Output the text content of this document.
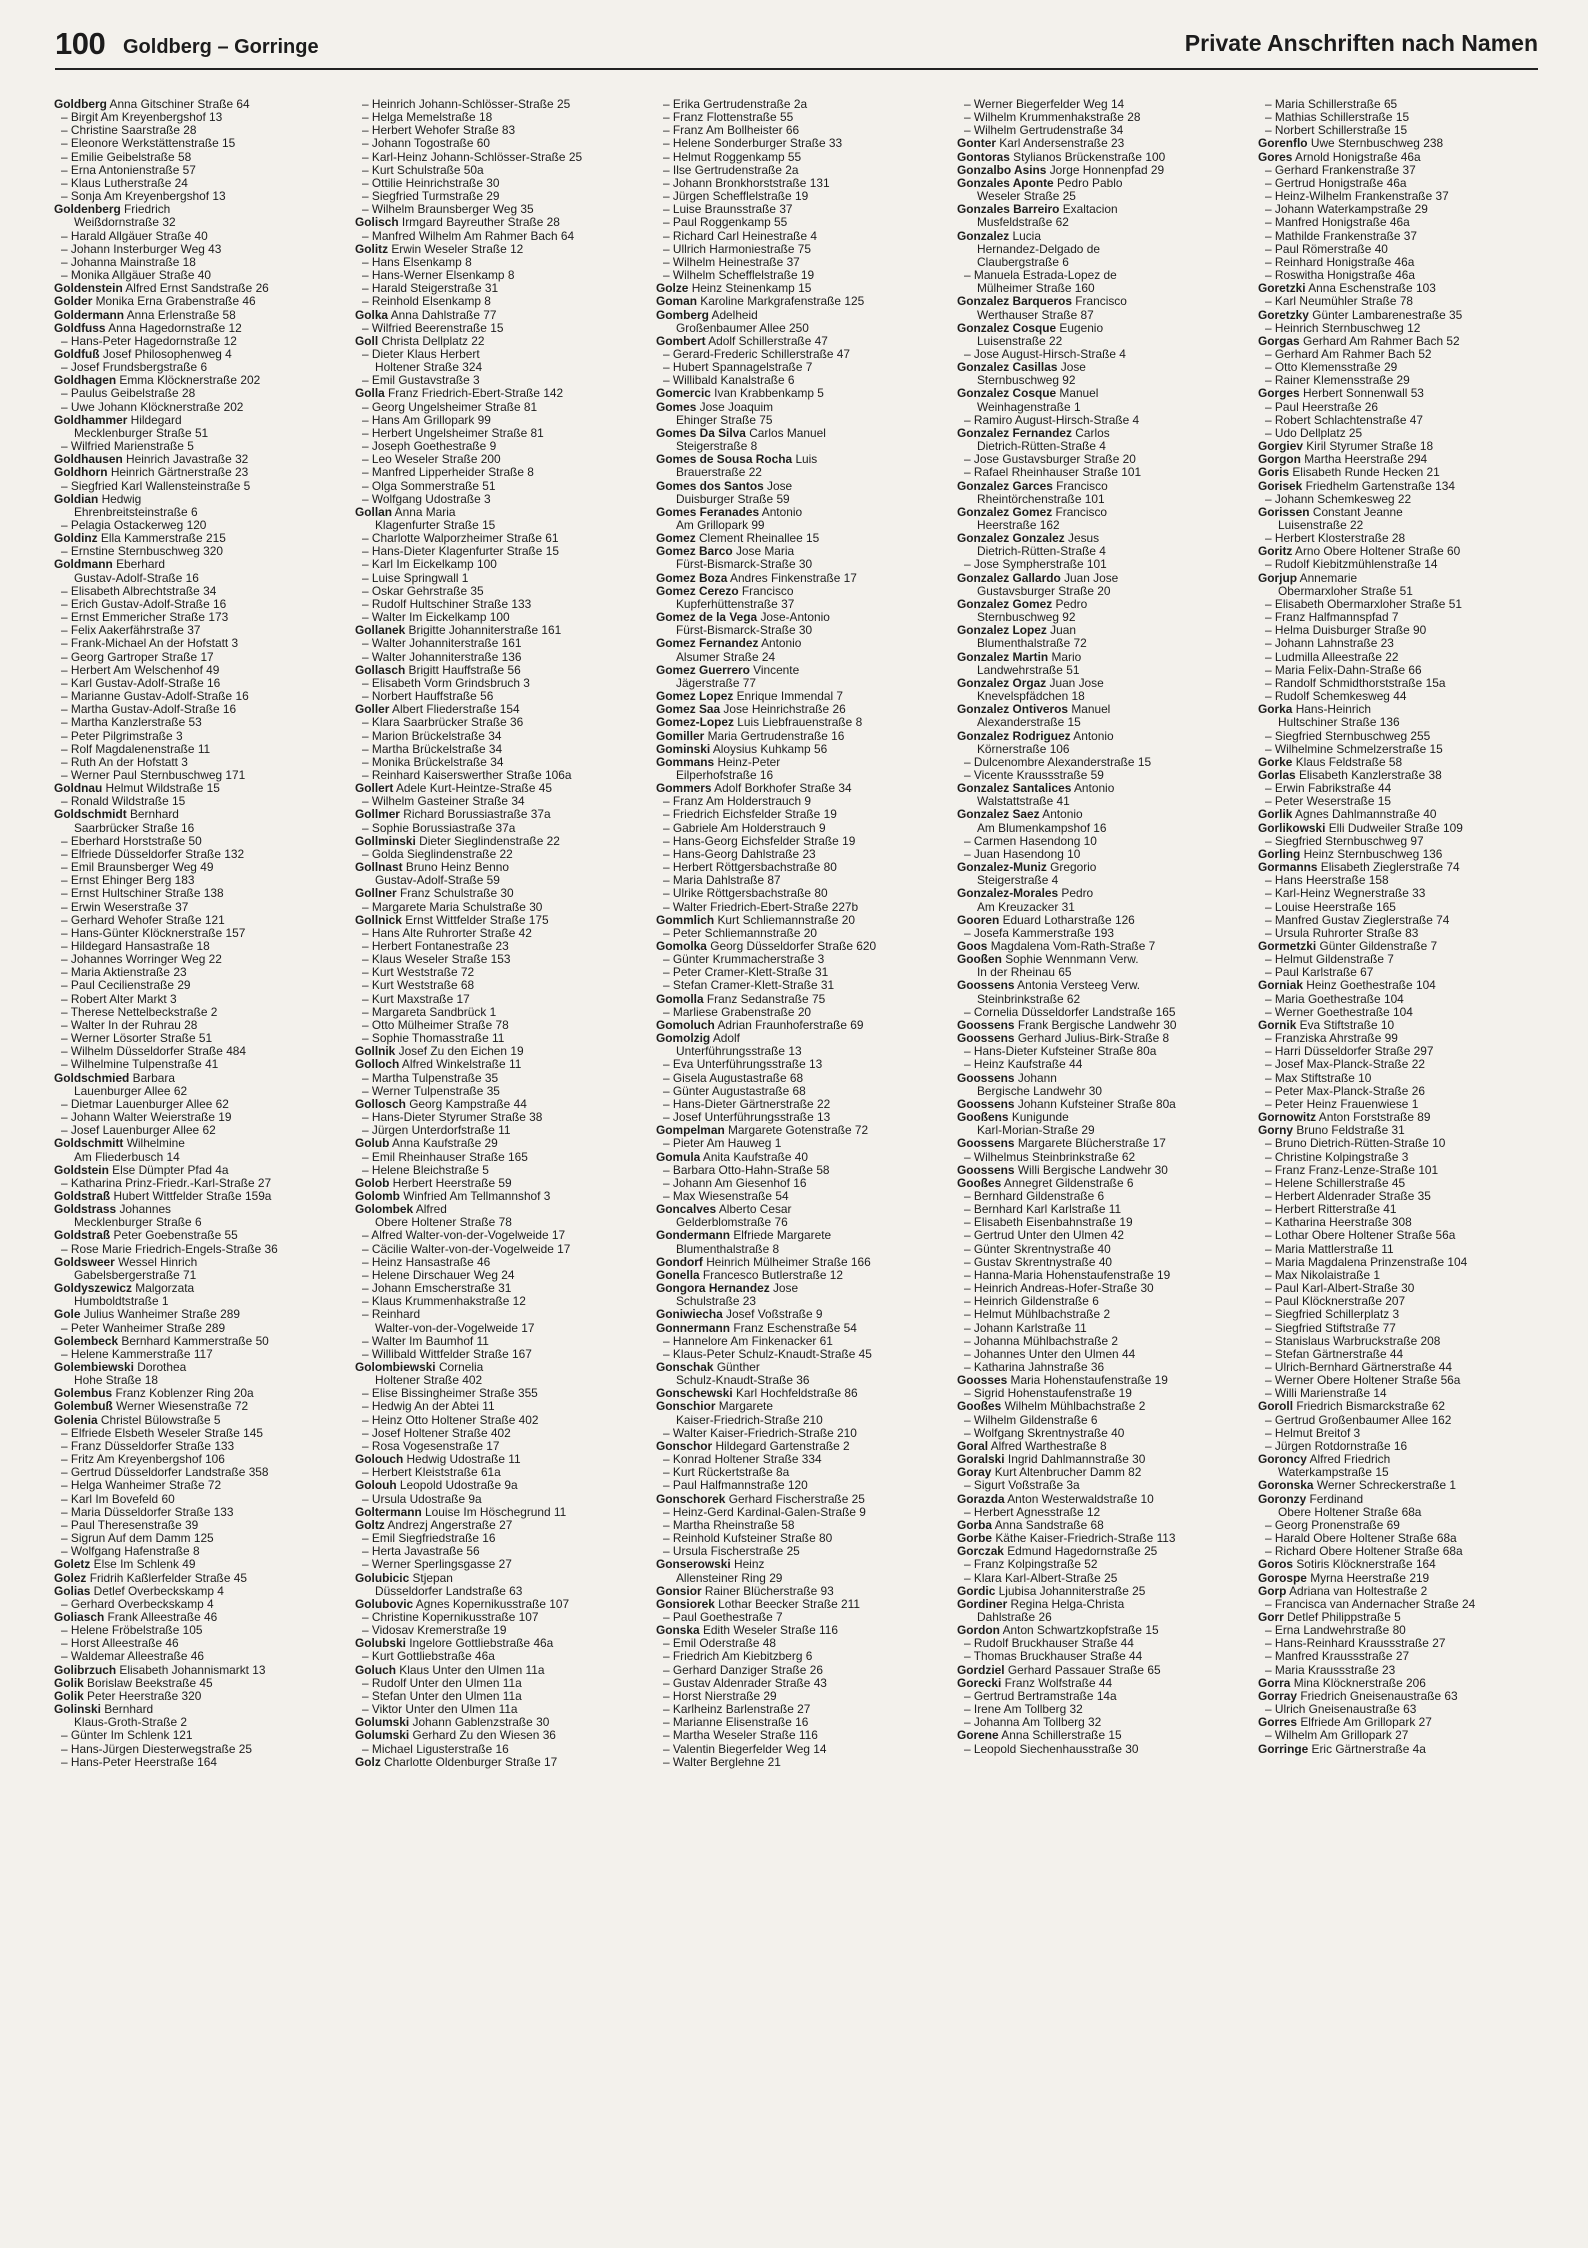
100 Goldberg – Gorringe	Private Anschriften nach Namen
Goldberg Anna Gitschiner Straße 64
– Birgit Am Kreyenbergshof 13
– Christine Saarstraße 28
– Eleonore Werkstättenstraße 15
– Emilie Geibelstraße 58
– Erna Antonienstraße 57
– Klaus Lutherstraße 24
– Sonja Am Kreyenbergshof 13
Goldenberg Friedrich
Weißdornstraße 32
– Harald Allgäuer Straße 40
– Johann Insterburger Weg 43
– Johanna Mainstraße 18
– Monika Allgäuer Straße 40
Goldenstein Alfred Ernst Sandstraße 26
Golder Monika Erna Grabenstraße 46
Goldermann Anna Erlenstraße 58
Goldfuss Anna Hagedornstraße 12
– Hans-Peter Hagedornstraße 12
Goldfuß Josef Philosophenweg 4
– Josef Frundsbergstraße 6
Goldhagen Emma Klöcknerstraße 202
– Paulus Geibelstraße 28
– Uwe Johann Klöcknerstraße 202
Goldhammer Hildegard
Mecklenburger Straße 51
– Wilfried Marienstraße 5
Goldhausen Heinrich Javastraße 32
Goldhorn Heinrich Gärtnerstraße 23
– Siegfried Karl Wallensteinstraße 5
Goldian Hedwig
Ehrenbreitsteinstraße 6
– Pelagia Ostackerweg 120
Goldinz Ella Kammerstraße 215
– Ernstine Sternbuschweg 320
Goldmann Eberhard
Gustav-Adolf-Straße 16
– Elisabeth Albrechtstraße 34
– Erich Gustav-Adolf-Straße 16
– Ernst Emmericher Straße 173
– Felix Aakerfährstraße 37
– Frank-Michael An der Hofstatt 3
– Georg Gartroper Straße 17
– Herbert Am Welschenhof 49
– Karl Gustav-Adolf-Straße 16
– Marianne Gustav-Adolf-Straße 16
– Martha Gustav-Adolf-Straße 16
– Martha Kanzlerstraße 53
– Peter Pilgrimstraße 3
– Rolf Magdalenenstraße 11
– Ruth An der Hofstatt 3
– Werner Paul Sternbuschweg 171
Goldnau Helmut Wildstraße 15
– Ronald Wildstraße 15
Goldschmidt Bernhard
Saarbrücker Straße 16
– Eberhard Horststraße 50
– Elfriede Düsseldorfer Straße 132
– Emil Braunsberger Weg 49
– Ernst Ehinger Berg 183
– Ernst Hultschiner Straße 138
– Erwin Weserstraße 37
– Gerhard Wehofer Straße 121
– Hans-Günter Klöcknerstraße 157
– Hildegard Hansastraße 18
– Johannes Worringer Weg 22
– Maria Aktienstraße 23
– Paul Cecilienstraße 29
– Robert Alter Markt 3
– Therese Nettelbeckstraße 2
– Walter In der Ruhrau 28
– Werner Lösorter Straße 51
– Wilhelm Düsseldorfer Straße 484
– Wilhelmine Tulpenstraße 41
Goldschmied Barbara
Lauenburger Allee 62
– Dietmar Lauenburger Allee 62
– Johann Walter Weierstraße 19
– Josef Lauenburger Allee 62
Goldschmitt Wilhelmine
Am Fliederbusch 14
Goldstein Else Dümpter Pfad 4a
– Katharina Prinz-Friedr.-Karl-Straße 27
Goldstraß Hubert Wittfelder Straße 159a
Goldstrass Johannes
Mecklenburger Straße 6
Goldstraß Peter Goebenstraße 55
– Rose Marie Friedrich-Engels-Straße 36
Goldsweer Wessel Hinrich
Gabelsbergerstraße 71
Goldyszewicz Malgorzata
Humboldtstraße 1
Gole Julius Wanheimer Straße 289
– Peter Wanheimer Straße 289
Golembeck Bernhard Kammerstraße 50
– Helene Kammerstraße 117
Golembiewski Dorothea
Hohe Straße 18
Golembus Franz Koblenzer Ring 20a
Golembuß Werner Wiesenstraße 72
Golenia Christel Bülowstraße 5
– Elfriede Elsbeth Weseler Straße 145
– Franz Düsseldorfer Straße 133
– Fritz Am Kreyenbergshof 106
– Gertrud Düsseldorfer Landstraße 358
– Helga Wanheimer Straße 72
– Karl Im Bovefeld 60
– Maria Düsseldorfer Straße 133
– Paul Theresenstraße 39
– Sigrun Auf dem Damm 125
– Wolfgang Hafenstraße 8
Goletz Else Im Schlenk 49
Golez Fridrih Kaßlerfelder Straße 45
Golias Detlef Overbeckskamp 4
– Gerhard Overbeckskamp 4
Goliasch Frank Alleestraße 46
– Helene Fröbelstraße 105
– Horst Alleestraße 46
– Waldemar Alleestraße 46
Golibrzuch Elisabeth Johannismarkt 13
Golik Borislaw Beekstraße 45
Golik Peter Heerstraße 320
Golinski Bernhard
Klaus-Groth-Straße 2
– Günter Im Schlenk 121
– Hans-Jürgen Diesterwegstraße 25
– Hans-Peter Heerstraße 164
– Heinrich Johann-Schlösser-Straße 25
– Helga Memelstraße 18
– Herbert Wehofer Straße 83
– Johann Togostraße 60
– Karl-Heinz Johann-Schlösser-Straße 25
– Kurt Schulstraße 50a
– Ottilie Heinrichstraße 30
– Siegfried Turmstraße 29
– Wilhelm Braunsberger Weg 35
Golisch Irmgard Bayreuther Straße 28
– Manfred Wilhelm Am Rahmer Bach 64
Golitz Erwin Weseler Straße 12
– Hans Elsenkamp 8
– Hans-Werner Elsenkamp 8
– Harald Steigerstraße 31
– Reinhold Elsenkamp 8
Golka Anna Dahlstraße 77
– Wilfried Beerenstraße 15
Goll Christa Dellplatz 22
– Dieter Klaus Herbert
Holtener Straße 324
– Emil Gustavstraße 3
Golla Franz Friedrich-Ebert-Straße 142
– Georg Ungelsheimer Straße 81
– Hans Am Grillopark 99
– Herbert Ungelsheimer Straße 81
– Joseph Goethestraße 9
– Leo Weseler Straße 200
– Manfred Lipperheider Straße 8
– Olga Sommerstraße 51
– Wolfgang Udostraße 3
Gollan Anna Maria
Klagenfurter Straße 15
– Charlotte Walporzheimer Straße 61
– Hans-Dieter Klagenfurter Straße 15
– Karl Im Eickelkamp 100
– Luise Springwall 1
– Oskar Gehrstraße 35
– Rudolf Hultschiner Straße 133
– Walter Im Eickelkamp 100
Gollanek Brigitte Johanniterstraße 161
– Walter Johanniterstraße 161
– Walter Johanniterstraße 136
Gollasch Brigitt Hauffstraße 56
– Elisabeth Vorm Grindsbruch 3
– Norbert Hauffstraße 56
Goller Albert Fliederstraße 154
– Klara Saarbrücker Straße 36
– Marion Brückelstraße 34
– Martha Brückelstraße 34
– Monika Brückelstraße 34
– Reinhard Kaiserswerther Straße 106a
Gollert Adele Kurt-Heintze-Straße 45
– Wilhelm Gasteiner Straße 34
Gollmer Richard Borussiastraße 37a
– Sophie Borussiastraße 37a
Gollminski Dieter Sieglindenstraße 22
– Golda Sieglindenstraße 22
Gollnast Bruno Heinz Benno
Gustav-Adolf-Straße 59
Gollner Franz Schulstraße 30
– Margarete Maria Schulstraße 30
Gollnick Ernst Wittfelder Straße 175
– Hans Alte Ruhrorter Straße 42
– Herbert Fontanestraße 23
– Klaus Weseler Straße 153
– Kurt Weststraße 72
– Kurt Weststraße 68
– Kurt Maxstraße 17
– Margareta Sandbrück 1
– Otto Mülheimer Straße 78
– Sophie Thomasstraße 11
Gollnik Josef Zu den Eichen 19
Golloch Alfred Winkelstraße 11
– Martha Tulpenstraße 35
– Werner Tulpenstraße 35
Gollosch Georg Kampstraße 44
– Hans-Dieter Styrumer Straße 38
– Jürgen Unterdorfstraße 11
Golub Anna Kaufstraße 29
– Emil Rheinhauser Straße 165
– Helene Bleichstraße 5
Golob Herbert Heerstraße 59
Golomb Winfried Am Tellmannshof 3
Golombek Alfred
Obere Holtener Straße 78
– Alfred Walter-von-der-Vogelweide 17
– Cäcilie Walter-von-der-Vogelweide 17
– Heinz Hansastraße 46
– Helene Dirschauer Weg 24
– Johann Emscherstraße 31
– Klaus Krummenhakstraße 12
– Reinhard
Walter-von-der-Vogelweide 17
– Walter Im Baumhof 11
– Willibald Wittfelder Straße 167
Golombiewski Cornelia
Holtener Straße 402
– Elise Bissingheimer Straße 355
– Hedwig An der Abtei 11
– Heinz Otto Holtener Straße 402
– Josef Holtener Straße 402
– Rosa Vogesenstraße 17
Golouch Hedwig Udostraße 11
– Herbert Kleiststraße 61a
Golouh Leopold Udostraße 9a
– Ursula Udostraße 9a
Goltermann Louise Im Höschegrund 11
Goltz Andrezj Angerstraße 27
– Emil Siegfriedstraße 16
– Herta Javastraße 56
– Werner Sperlingsgasse 27
Golubicic Stjepan
Düsseldorfer Landstraße 63
Golubovic Agnes Kopernikusstraße 107
– Christine Kopernikusstraße 107
– Vidosav Kremerstraße 19
Golubski Ingelore Gottliebstraße 46a
– Kurt Gottliebstraße 46a
Goluch Klaus Unter den Ulmen 11a
– Rudolf Unter den Ulmen 11a
– Stefan Unter den Ulmen 11a
– Viktor Unter den Ulmen 11a
Golumski Johann Gablenzstraße 30
Golumski Gerhard Zu den Wiesen 36
– Michael Ligusterstraße 16
Golz Charlotte Oldenburger Straße 17
– Erika Gertrudenstraße 2a
– Franz Flottenstraße 55
– Franz Am Bollheister 66
– Helene Sonderburger Straße 33
– Helmut Roggenkamp 55
– Ilse Gertrudenstraße 2a
– Johann Bronkhorststraße 131
– Jürgen Schefflelstraße 19
– Luise Braunsstraße 37
– Paul Roggenkamp 55
– Richard Carl Heinestraße 4
– Ullrich Harmoniestraße 75
– Wilhelm Heinestraße 37
– Wilhelm Schefflelstraße 19
Golze Heinz Steinenkamp 15
Goman Karoline Markgrafenstraße 125
Gomberg Adelheid
Großenbaumer Allee 250
Gombert Adolf Schillerstraße 47
– Gerard-Frederic Schillerstraße 47
– Hubert Spannagelstraße 7
– Willibald Kanalstraße 6
Gomercic Ivan Krabbenkamp 5
Gomes Jose Joaquim
Ehinger Straße 75
Gomes Da Silva Carlos Manuel
Steigerstraße 8
Gomes de Sousa Rocha Luis
Brauerstraße 22
Gomes dos Santos Jose
Duisburger Straße 59
Gomes Feranades Antonio
Am Grillopark 99
Gomez Clement Rheinallee 15
Gomez Barco Jose Maria
Fürst-Bismarck-Straße 30
Gomez Boza Andres Finkenstraße 17
Gomez Cerezo Francisco
Kupferhüttenstraße 37
Gomez de la Vega Jose-Antonio
Fürst-Bismarck-Straße 30
Gomez Fernandez Antonio
Alsumer Straße 24
Gomez Guerrero Vincente
Jägerstraße 77
Gomez Lopez Enrique Immendal 7
Gomez Saa Jose Heinrichstraße 26
Gomez-Lopez Luis Liebfrauenstraße 8
Gomiller Maria Gertrudenstraße 16
Gominski Aloysius Kuhkamp 56
Gommans Heinz-Peter
Eilperhofstraße 16
Gommers Adolf Borkhofer Straße 34
– Franz Am Holderstrauch 9
– Friedrich Eichsfelder Straße 19
– Gabriele Am Holderstrauch 9
– Hans-Georg Eichsfelder Straße 19
– Hans-Georg Dahlstraße 23
– Herbert Röttgersbachstraße 80
– Maria Dahlstraße 87
– Ulrike Röttgersbachstraße 80
– Walter Friedrich-Ebert-Straße 227b
Gommlich Kurt Schliemannstraße 20
– Peter Schliemannstraße 20
Gomolka Georg Düsseldorfer Straße 620
– Günter Krummacherstraße 3
– Peter Cramer-Klett-Straße 31
– Stefan Cramer-Klett-Straße 31
Gomolla Franz Sedanstraße 75
– Marliese Grabenstraße 20
Gomoluch Adrian Fraunhoferstraße 69
Gomolzig Adolf
Unterführungsstraße 13
– Eva Unterführungsstraße 13
– Gisela Augustastraße 68
– Günter Augustastraße 68
– Hans-Dieter Gärtnerstraße 22
– Josef Unterführungsstraße 13
Gompelman Margarete Gotenstraße 72
– Pieter Am Hauweg 1
Gomula Anita Kaufstraße 40
– Barbara Otto-Hahn-Straße 58
– Johann Am Giesenhof 16
– Max Wiesenstraße 54
Goncalves Alberto Cesar
Gelderblomstraße 76
Gondermann Elfriede Margarete
Blumenthalstraße 8
Gondorf Heinrich Mülheimer Straße 166
Gonella Francesco Butlerstraße 12
Gongora Hernandez Jose
Schulstraße 23
Goniwiecha Josef Voßstraße 9
Gonnermann Franz Eschenstraße 54
– Hannelore Am Finkenacker 61
– Klaus-Peter Schulz-Knaudt-Straße 45
Gonschak Günther
Schulz-Knaudt-Straße 36
Gonschewski Karl Hochfeldstraße 86
Gonschior Margarete
Kaiser-Friedrich-Straße 210
– Walter Kaiser-Friedrich-Straße 210
Gonschor Hildegard Gartenstraße 2
– Konrad Holtener Straße 334
– Kurt Rückertstraße 8a
– Paul Halfmannstraße 120
Gonschorek Gerhard Fischerstraße 25
– Heinz-Gerd Kardinal-Galen-Straße 9
– Martha Rheinstraße 58
– Reinhold Kufsteiner Straße 80
– Ursula Fischerstraße 25
Gonserowski Heinz
Allensteiner Ring 29
Gonsior Rainer Blücherstraße 93
Gonsiorek Lothar Beecker Straße 211
– Paul Goethestraße 7
Gonska Edith Weseler Straße 116
– Emil Oderstraße 48
– Friedrich Am Kiebitzberg 6
– Gerhard Danziger Straße 26
– Gustav Aldenrader Straße 43
– Horst Nierstraße 29
– Karlheinz Barlenstraße 27
– Marianne Elisenstraße 16
– Martha Weseler Straße 116
– Valentin Biegerfelder Weg 14
– Walter Berglehne 21
– Werner Biegerfelder Weg 14
– Wilhelm Krummenhakstraße 28
– Wilhelm Gertrudenstraße 34
Gonter Karl Andersenstraße 23
Gontoras Stylianos Brückenstraße 100
Gonzalbo Asins Jorge Honnenpfad 29
Gonzales Aponte Pedro Pablo
Weseler Straße 25
Gonzales Barreiro Exaltacion
Musfeldstraße 62
Gonzalez Lucia
Hernandez-Delgado de
Claubergstraße 6
– Manuela Estrada-Lopez de
Mülheimer Straße 160
Gonzalez Barqueros Francisco
Werthauser Straße 87
Gonzalez Cosque Eugenio
Luisenstraße 22
– Jose August-Hirsch-Straße 4
Gonzalez Casillas Jose
Sternbuschweg 92
Gonzalez Cosque Manuel
Weinhagenstraße 1
– Ramiro August-Hirsch-Straße 4
Gonzalez Fernandez Carlos
Dietrich-Rütten-Straße 4
– Jose Gustavsburger Straße 20
– Rafael Rheinhauser Straße 101
Gonzalez Garces Francisco
Rheintörchenstraße 101
Gonzalez Gomez Francisco
Heerstraße 162
Gonzalez Gonzalez Jesus
Dietrich-Rütten-Straße 4
– Jose Sympherstraße 101
Gonzalez Gallardo Juan Jose
Gustavsburger Straße 20
Gonzalez Gomez Pedro
Sternbuschweg 92
Gonzalez Lopez Juan
Blumenthalstraße 72
Gonzalez Martin Mario
Landwehrstraße 51
Gonzalez Orgaz Juan Jose
Knevelspfädchen 18
Gonzalez Ontiveros Manuel
Alexanderstraße 15
Gonzalez Rodriguez Antonio
Körnerstraße 106
– Dulcenombre Alexanderstraße 15
– Vicente Kraussstraße 59
Gonzalez Santalices Antonio
Walstattstraße 41
Gonzalez Saez Antonio
Am Blumenkampshof 16
– Carmen Hasendong 10
– Juan Hasendong 10
Gonzalez-Muniz Gregorio
Steigerstraße 4
Gonzalez-Morales Pedro
Am Kreuzacker 31
Gooren Eduard Lotharstraße 126
– Josefa Kammerstraße 193
Goos Magdalena Vom-Rath-Straße 7
Gooßen Sophie Wennmann Verw.
In der Rheinau 65
Goossens Antonia Versteeg Verw.
Steinbrinkstraße 62
– Cornelia Düsseldorfer Landstraße 165
Goossens Frank Bergische Landwehr 30
Goossens Gerhard Julius-Birk-Straße 8
– Hans-Dieter Kufsteiner Straße 80a
– Heinz Kaufstraße 44
Goossens Johann
Bergische Landwehr 30
Goossens Johann Kufsteiner Straße 80a
Gooßens Kunigunde
Karl-Morian-Straße 29
Goossens Margarete Blücherstraße 17
– Wilhelmus Steinbrinkstraße 62
Goossens Willi Bergische Landwehr 30
Gooßes Annegret Gildenstraße 6
– Bernhard Gildenstraße 6
– Bernhard Karl Karlstraße 11
– Elisabeth Eisenbahnstraße 19
– Gertrud Unter den Ulmen 42
– Günter Skrentnystraße 40
– Gustav Skrentnystraße 40
– Hanna-Maria Hohenstaufenstraße 19
– Heinrich Andreas-Hofer-Straße 30
– Heinrich Gildenstraße 6
– Helmut Mühlbachstraße 2
– Johann Karlstraße 11
– Johanna Mühlbachstraße 2
– Johannes Unter den Ulmen 44
– Katharina Jahnstraße 36
Goosses Maria Hohenstaufenstraße 19
– Sigrid Hohenstaufenstraße 19
Gooßes Wilhelm Mühlbachstraße 2
– Wilhelm Gildenstraße 6
– Wolfgang Skrentnystraße 40
Goral Alfred Warthestraße 8
Goralski Ingrid Dahlmannstraße 30
Goray Kurt Altenbrucher Damm 82
– Sigurt Voßstraße 3a
Gorazda Anton Westerwaldstraße 10
– Herbert Agnesstraße 12
Gorba Anna Sandstraße 68
Gorbe Käthe Kaiser-Friedrich-Straße 113
Gorczak Edmund Hagedornstraße 25
– Franz Kolpingstraße 52
– Klara Karl-Albert-Straße 25
Gordic Ljubisa Johanniterstraße 25
Gordiner Regina Helga-Christa
Dahlstraße 26
Gordon Anton Schwartzkopfstraße 15
– Rudolf Bruckhauser Straße 44
– Thomas Bruckhauser Straße 44
Gordziel Gerhard Passauer Straße 65
Gorecki Franz Wolfstraße 44
– Gertrud Bertramstraße 14a
– Irene Am Tollberg 32
– Johanna Am Tollberg 32
Gorene Anna Schillerstraße 15
– Leopold Siechenhausstraße 30
– Maria Schillerstraße 65
– Mathias Schillerstraße 15
– Norbert Schillerstraße 15
Gorenflo Uwe Sternbuschweg 238
Gores Arnold Honigstraße 46a
– Gerhard Frankenstraße 37
– Gertrud Honigstraße 46a
– Heinz-Wilhelm Frankenstraße 37
– Johann Waterkampstraße 29
– Manfred Honigstraße 46a
– Mathilde Frankenstraße 37
– Paul Römerstraße 40
– Reinhard Honigstraße 46a
– Roswitha Honigstraße 46a
Goretzki Anna Eschenstraße 103
– Karl Neumühler Straße 78
Goretzky Günter Lambarenestraße 35
– Heinrich Sternbuschweg 12
Gorgas Gerhard Am Rahmer Bach 52
– Gerhard Am Rahmer Bach 52
– Otto Klemensstraße 29
– Rainer Klemensstraße 29
Gorges Herbert Sonnenwall 53
– Paul Heerstraße 26
– Robert Schlachtenstraße 47
– Udo Dellplatz 25
Gorgiev Kiril Styrumer Straße 18
Gorgon Martha Heerstraße 294
Goris Elisabeth Runde Hecken 21
Gorisek Friedhelm Gartenstraße 134
– Johann Schemkesweg 22
Gorissen Constant Jeanne
Luisenstraße 22
– Herbert Klosterstraße 28
Goritz Arno Obere Holtener Straße 60
– Rudolf Kiebitzmühlenstraße 14
Gorjup Annemarie
Obermarxloher Straße 51
– Elisabeth Obermarxloher Straße 51
– Franz Halfmannspfad 7
– Helma Duisburger Straße 90
– Johann Lahnstraße 23
– Ludmilla Alleestraße 22
– Maria Felix-Dahn-Straße 66
– Randolf Schmidthorststraße 15a
– Rudolf Schemkesweg 44
Gorka Hans-Heinrich
Hultschiner Straße 136
– Siegfried Sternbuschweg 255
– Wilhelmine Schmelzerstraße 15
Gorke Klaus Feldstraße 58
Gorlas Elisabeth Kanzlerstraße 38
– Erwin Fabrikstraße 44
– Peter Weserstraße 15
Gorlik Agnes Dahlmannstraße 40
Gorlikowski Elli Dudweiler Straße 109
– Siegfried Sternbuschweg 97
Gorling Heinz Sternbuschweg 136
Gormanns Elisabeth Zieglerstraße 74
– Hans Heerstraße 158
– Karl-Heinz Wegnerstraße 33
– Louise Heerstraße 165
– Manfred Gustav Zieglerstraße 74
– Ursula Ruhrorter Straße 83
Gormetzki Günter Gildenstraße 7
– Helmut Gildenstraße 7
– Paul Karlstraße 67
Gorniak Heinz Goethestraße 104
– Maria Goethestraße 104
– Werner Goethestraße 104
Gornik Eva Stiftstraße 10
– Franziska Ahrstraße 99
– Harri Düsseldorfer Straße 297
– Josef Max-Planck-Straße 22
– Max Stiftstraße 10
– Peter Max-Planck-Straße 26
– Peter Heinz Frauenwiese 1
Gornowitz Anton Forststraße 89
Gorny Bruno Feldstraße 31
– Bruno Dietrich-Rütten-Straße 10
– Christine Kolpingstraße 3
– Franz Franz-Lenze-Straße 101
– Helene Schillerstraße 45
– Herbert Aldenrader Straße 35
– Herbert Ritterstraße 41
– Katharina Heerstraße 308
– Lothar Obere Holtener Straße 56a
– Maria Mattlerstraße 11
– Maria Magdalena Prinzenstraße 104
– Max Nikolaistraße 1
– Paul Karl-Albert-Straße 30
– Paul Klöcknerstraße 207
– Siegfried Schillerplatz 3
– Siegfried Stiftstraße 77
– Stanislaus Warbruckstraße 208
– Stefan Gärtnerstraße 44
– Ulrich-Bernhard Gärtnerstraße 44
– Werner Obere Holtener Straße 56a
– Willi Marienstraße 14
Goroll Friedrich Bismarckstraße 62
– Gertrud Großenbaumer Allee 162
– Helmut Breitof 3
– Jürgen Rotdornstraße 16
Goroncy Alfred Friedrich
Waterkampstraße 15
Goronska Werner Schreckerstraße 1
Goronzy Ferdinand
Obere Holtener Straße 68a
– Georg Pronenstraße 69
– Harald Obere Holtener Straße 68a
– Richard Obere Holtener Straße 68a
Goros Sotiris Klöcknerstraße 164
Gorospe Myrna Heerstraße 219
Gorp Adriana van Holtestraße 2
– Francisca van Andernacher Straße 24
Gorr Detlef Philippstraße 5
– Erna Landwehrstraße 80
– Hans-Reinhard Kraussstraße 27
– Manfred Kraussstraße 27
– Maria Kraussstraße 23
Gorra Mina Klöcknerstraße 206
Gorray Friedrich Gneisenaustraße 63
– Ulrich Gneisenaustraße 63
Gorres Elfriede Am Grillopark 27
– Wilhelm Am Grillopark 27
Gorringe Eric Gärtnerstraße 4a
